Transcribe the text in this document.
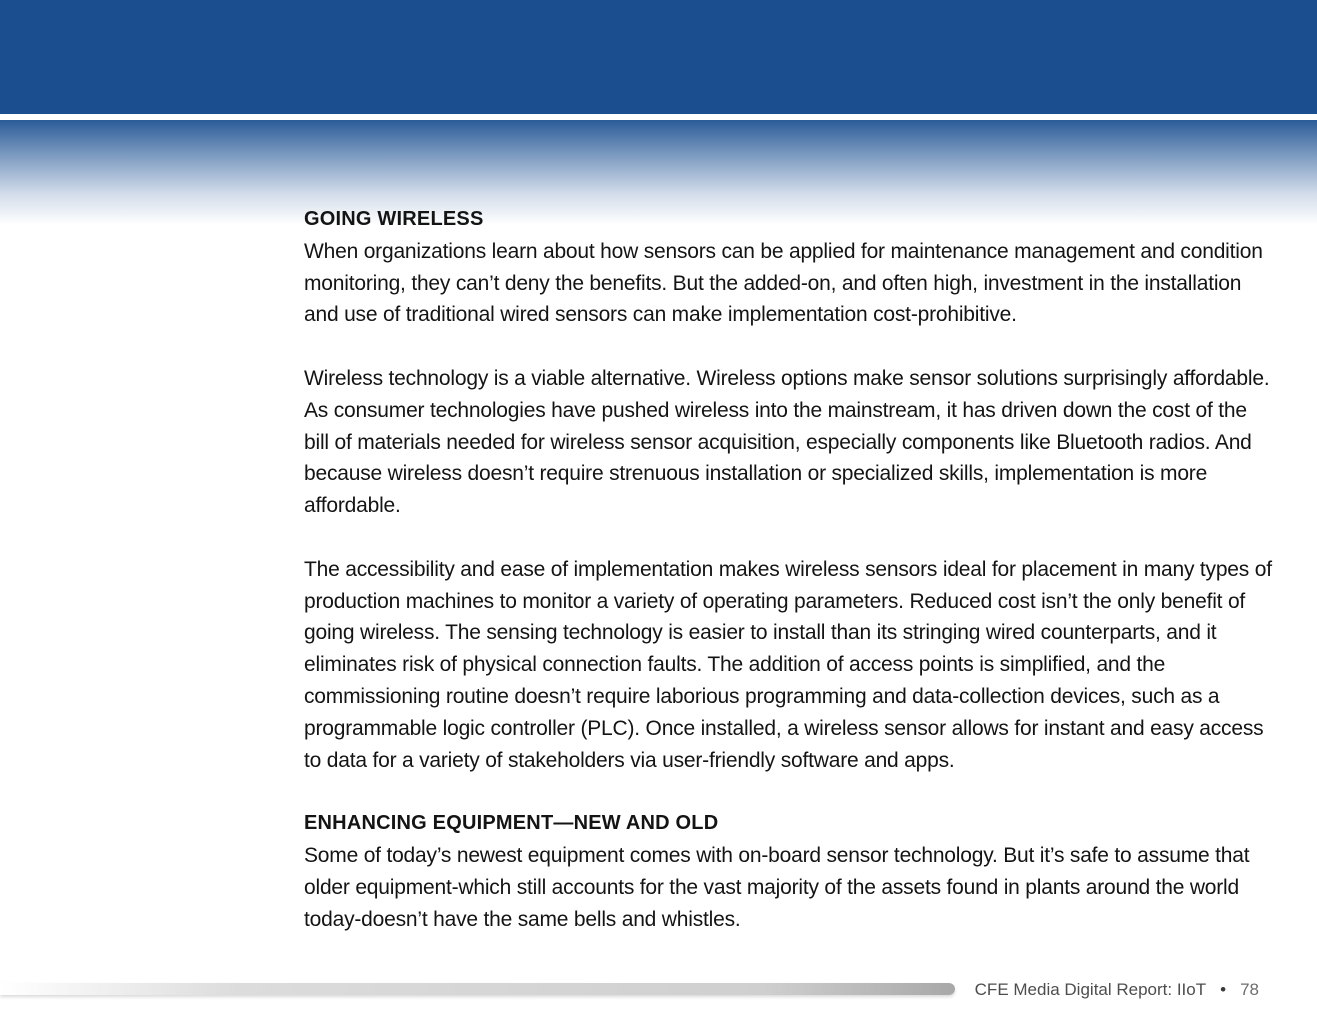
GOING WIRELESS

When organizations learn about how sensors can be applied for maintenance management and condition monitoring, they can’t deny the benefits. But the added-on, and often high, investment in the installation and use of traditional wired sensors can make implementation cost-prohibitive.

Wireless technology is a viable alternative. Wireless options make sensor solutions surprisingly affordable. As consumer technologies have pushed wireless into the mainstream, it has driven down the cost of the bill of materials needed for wireless sensor acquisition, especially components like Bluetooth radios. And because wireless doesn’t require strenuous installation or specialized skills, implementation is more affordable.

The accessibility and ease of implementation makes wireless sensors ideal for placement in many types of production machines to monitor a variety of operating parameters. Reduced cost isn’t the only benefit of going wireless. The sensing technology is easier to install than its stringing wired counterparts, and it eliminates risk of physical connection faults. The addition of access points is simplified, and the commissioning routine doesn’t require laborious programming and data-collection devices, such as a programmable logic controller (PLC). Once installed, a wireless sensor allows for instant and easy access to data for a variety of stakeholders via user-friendly software and apps.

ENHANCING EQUIPMENT—NEW AND OLD

Some of today’s newest equipment comes with on-board sensor technology. But it’s safe to assume that older equipment-which still accounts for the vast majority of the assets found in plants around the world today-doesn’t have the same bells and whistles.

CFE Media Digital Report: IIoT • 78
